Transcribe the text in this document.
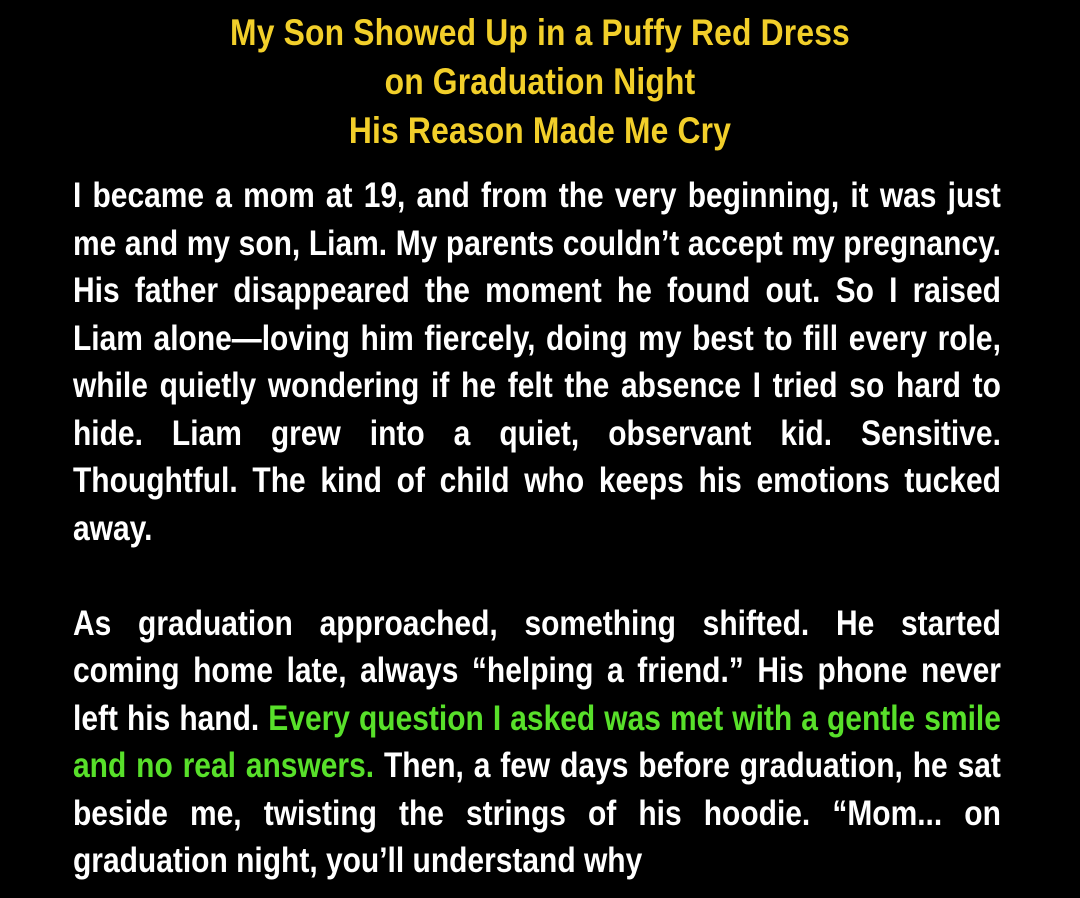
My Son Showed Up in a Puffy Red Dress
on Graduation Night
His Reason Made Me Cry

I became a mom at 19, and from the very beginning, it was just me and my son, Liam. My parents couldn’t accept my pregnancy. His father disappeared the moment he found out. So I raised Liam alone—loving him fiercely, doing my best to fill every role, while quietly wondering if he felt the absence I tried so hard to hide. Liam grew into a quiet, observant kid. Sensitive. Thoughtful. The kind of child who keeps his emotions tucked away.

As graduation approached, something shifted. He started coming home late, always “helping a friend.” His phone never left his hand. Every question I asked was met with a gentle smile and no real answers. Then, a few days before graduation, he sat beside me, twisting the strings of his hoodie. “Mom... on graduation night, you’ll understand why
